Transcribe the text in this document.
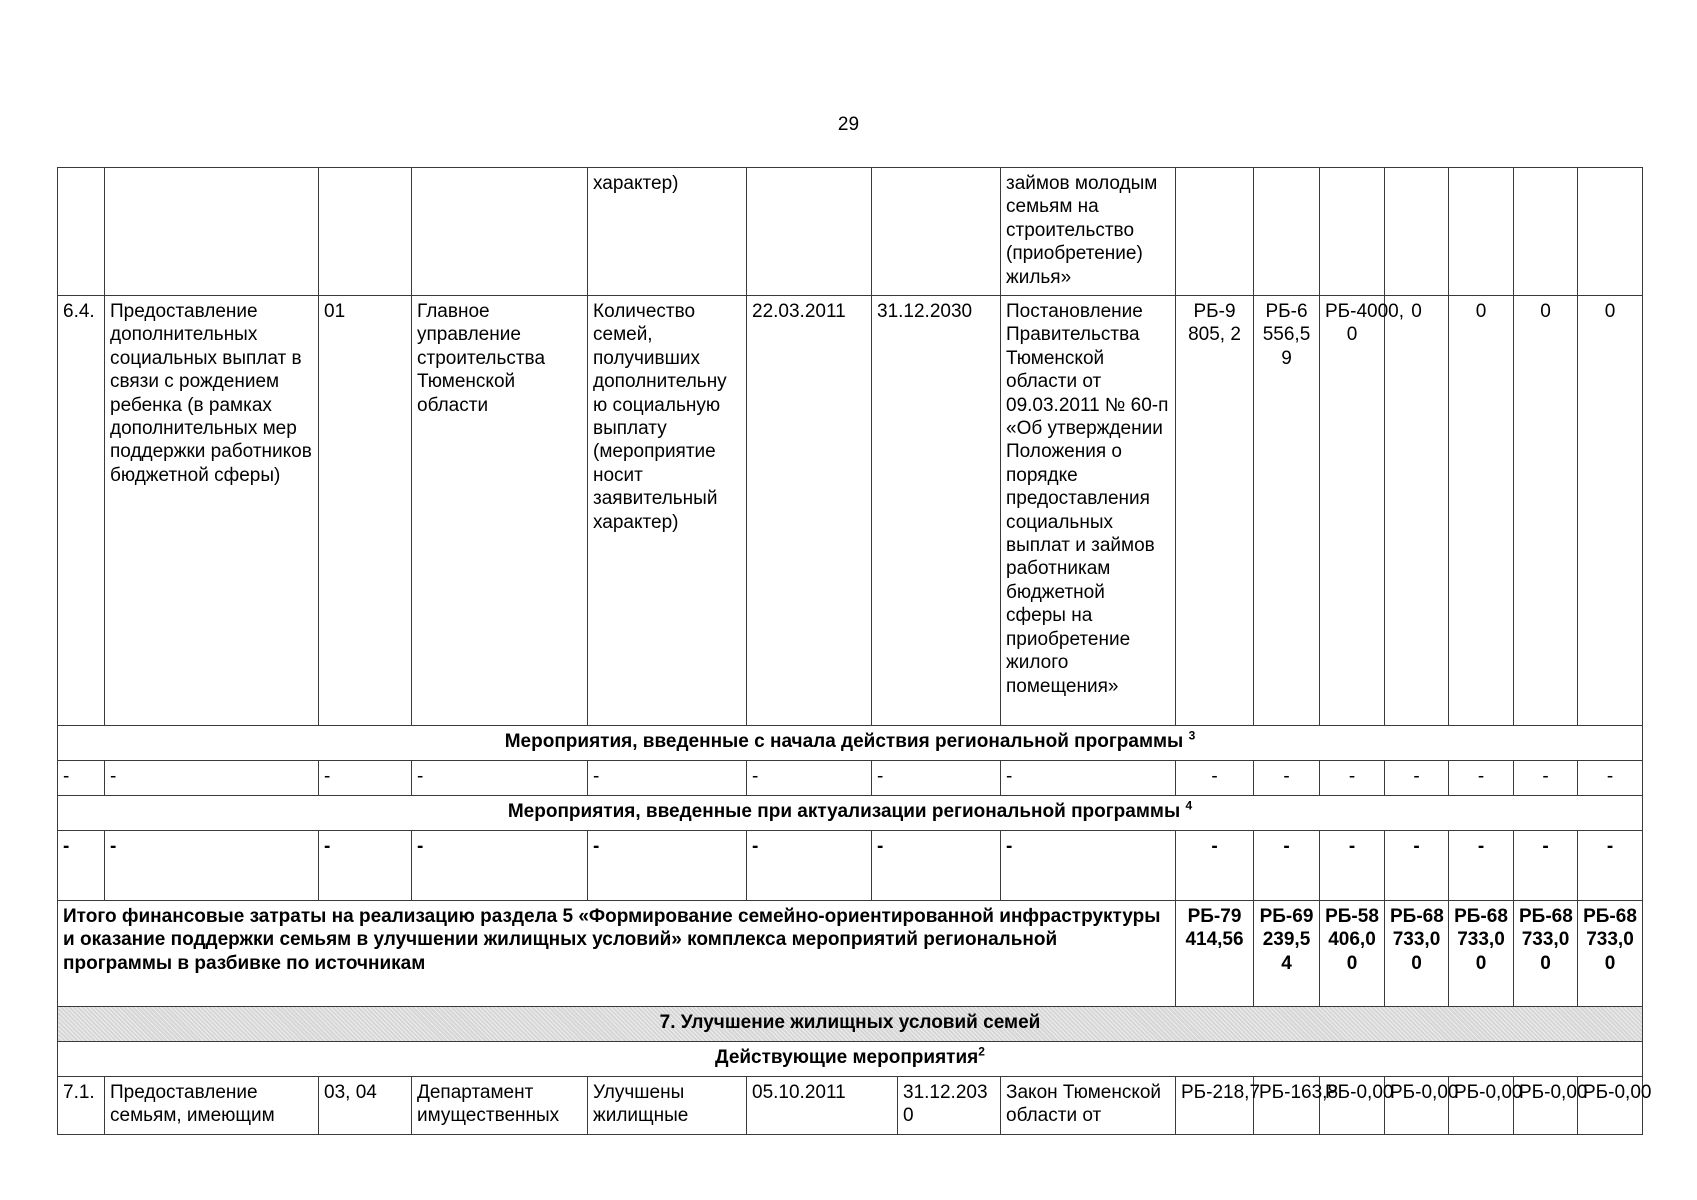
29
				характер)				займов молодым семьям на строительство (приобретение) жилья»							
6.4.	Предоставление дополнительных социальных выплат в связи с рождением ребенка (в рамках дополнительных мер поддержки работников бюджетной сферы)	01	Главное управление строительства Тюменской области	Количество семей, получивших дополнительну ю социальную выплату (мероприятие носит заявительный характер)	22.03.2011	31.12.2030		Постановление Правительства Тюменской области от 09.03.2011 № 60-п «Об утверждении Положения о порядке предоставления социальных выплат и займов работникам бюджетной сферы на приобретение жилого помещения»	РБ-9 805, 2	РБ-6 556,5 9	РБ-4000, 0	0	0	0	0
Мероприятия, введенные с начала действия региональной программы $^3$
-	-	-	-	-	-	-		-	-	-	-	-	-	-	-
Мероприятия, введенные при актуализации региональной программы $^4$
-	-	-	-	-	-	-		-	-	-	-	-	-	-	-
Итого финансовые затраты на реализацию раздела 5 «Формирование семейно-ориентированной инфраструктуры и оказание поддержки семьям в улучшении жилищных условий» комплекса мероприятий региональной программы в разбивке по источникам									РБ-79 414,56	РБ-69 239,5 4	РБ-58 406,0 0	РБ-68 733,0 0	РБ-68 733,0 0	РБ-68 733,0 0	РБ-68 733,0 0
7. Улучшение жилищных условий семей															
Действующие мероприятия$^2$
7.1.	Предоставление семьям, имеющим	03, 04	Департамент имущественных	Улучшены жилищные	05.10.2011		31.12.203 0	Закон Тюменской области от	РБ-218,7	РБ-163,8	РБ-0,00	РБ-0,00	РБ-0,00	РБ-0,00	РБ-0,00
